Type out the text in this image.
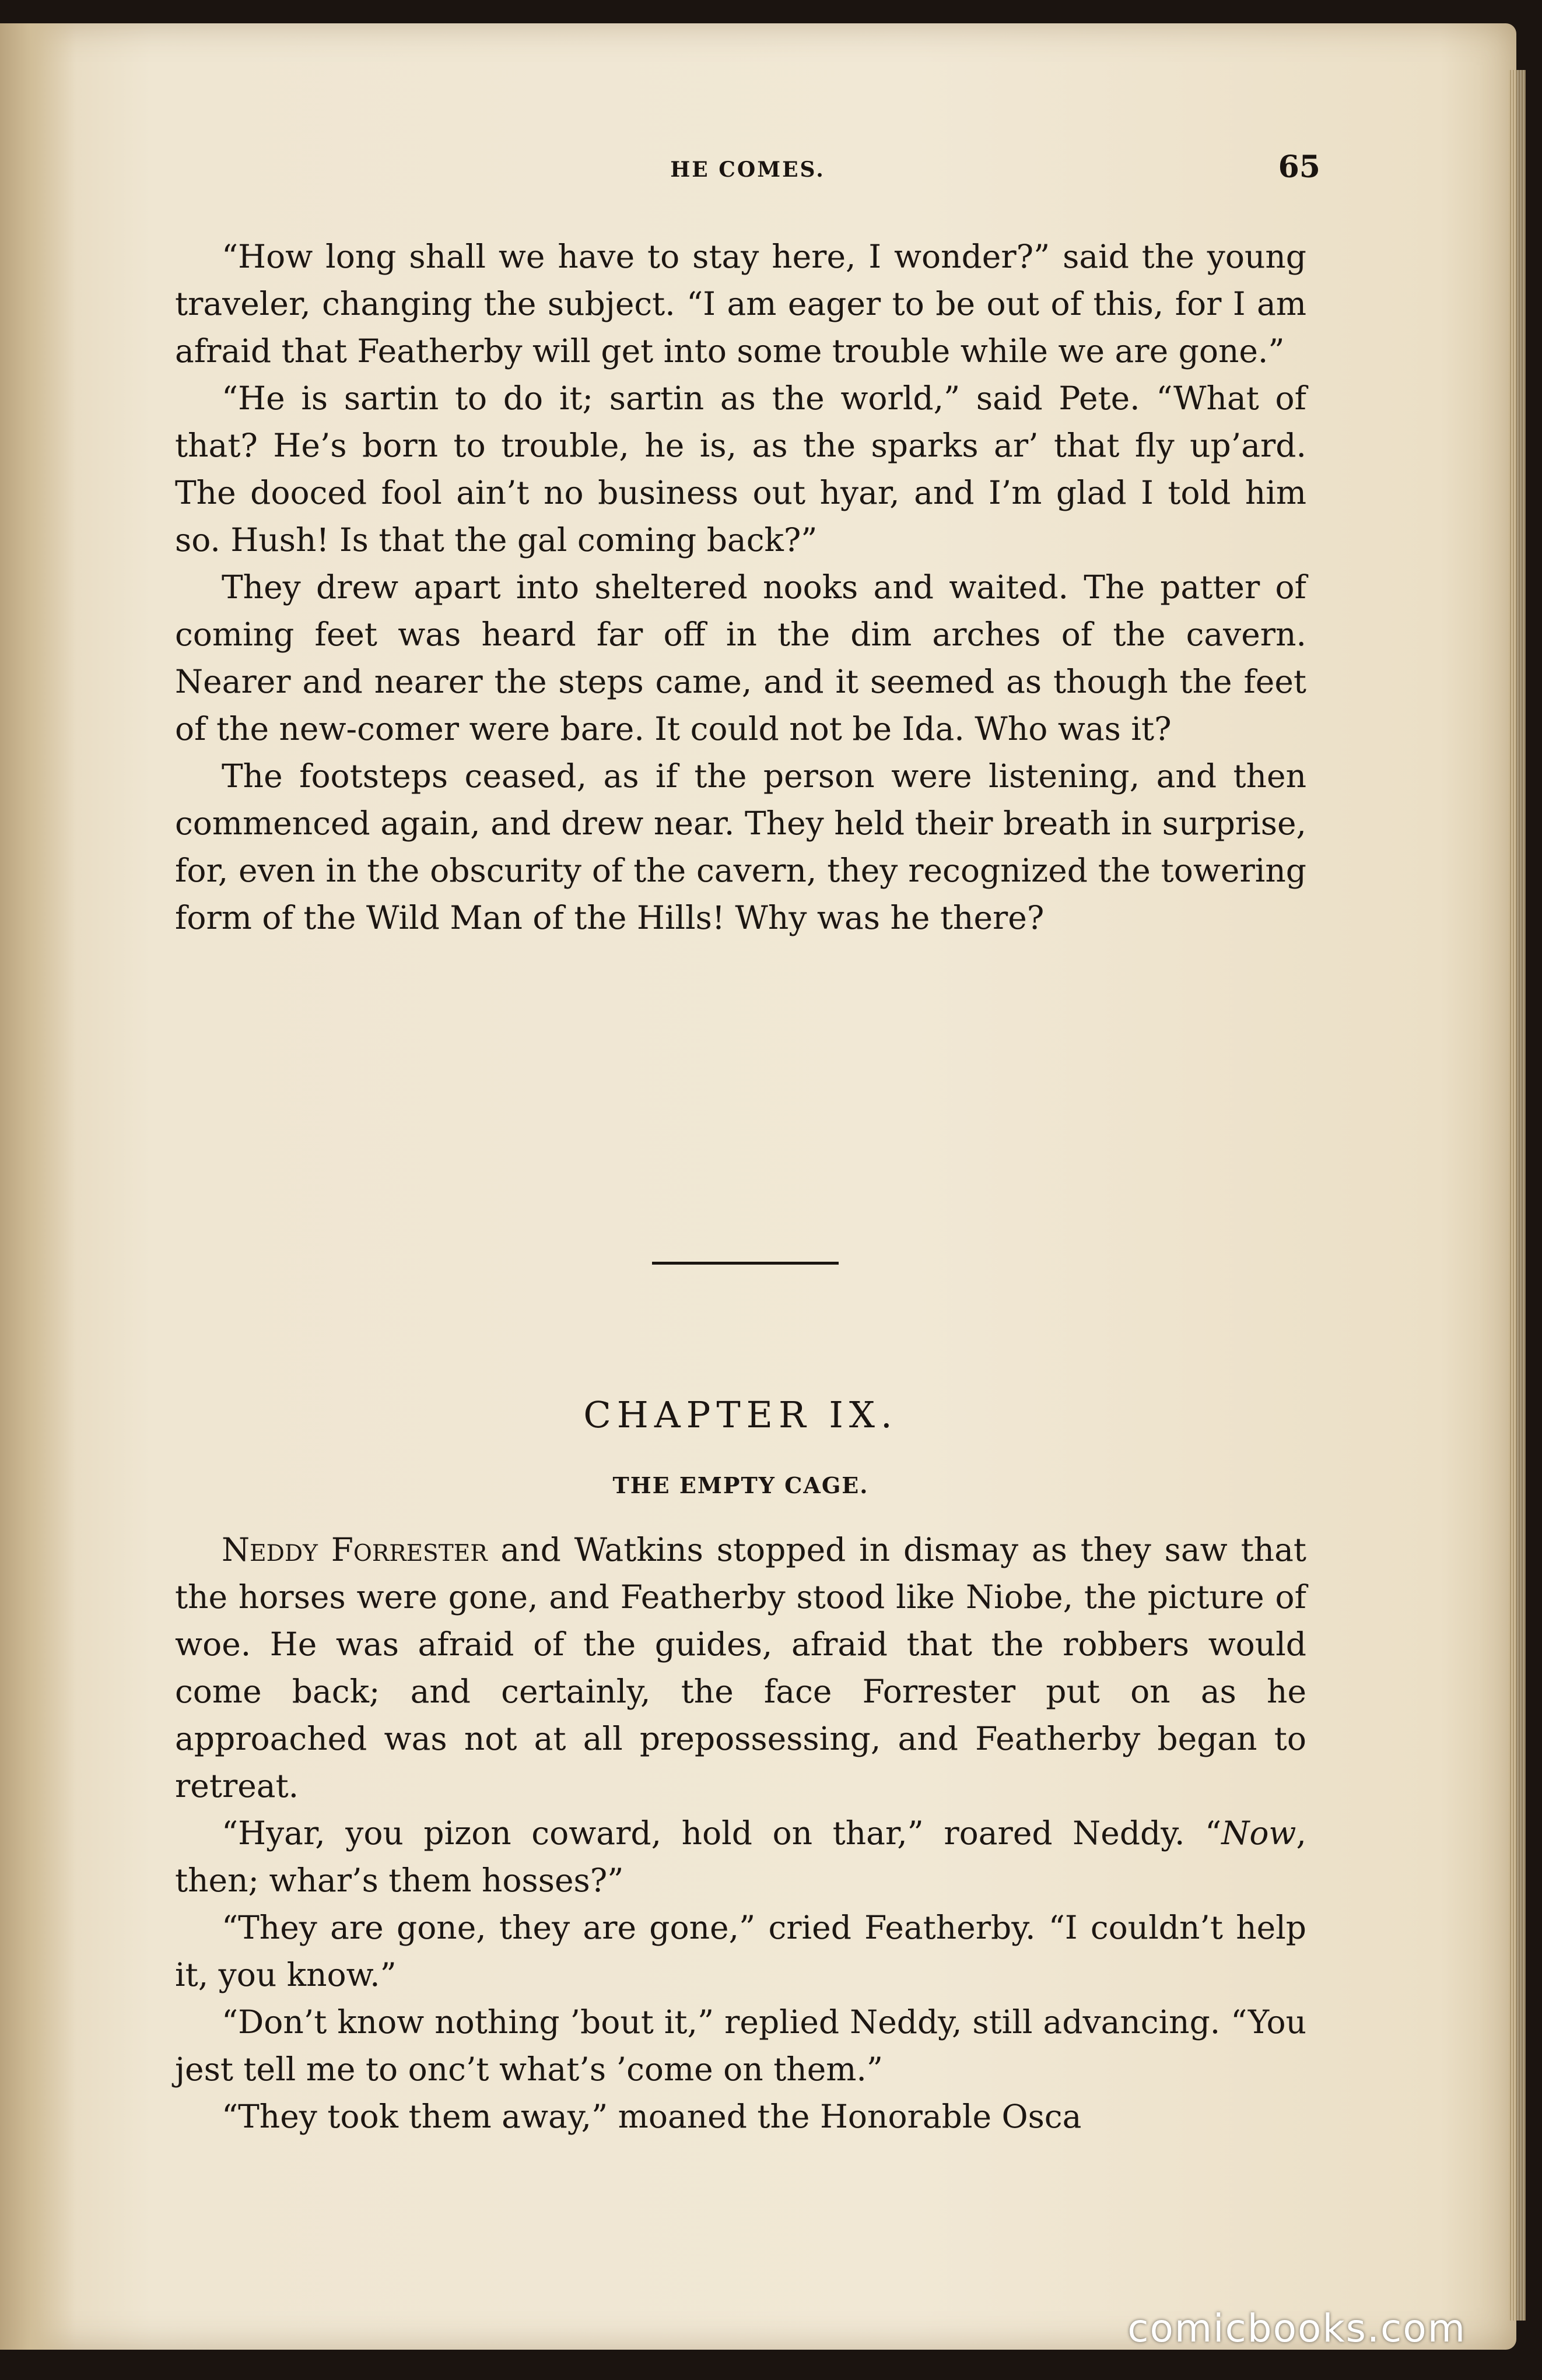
HE COMES.	65

“How long shall we have to stay here, I wonder?” said the young traveler, changing the subject. “I am eager to be out of this, for I am afraid that Featherby will get into some trouble while we are gone.”

“He is sartin to do it; sartin as the world,” said Pete. “What of that? He’s born to trouble, he is, as the sparks ar’ that fly up’ard. The dooced fool ain’t no business out hyar, and I’m glad I told him so. Hush! Is that the gal coming back?”

They drew apart into sheltered nooks and waited. The patter of coming feet was heard far off in the dim arches of the cavern. Nearer and nearer the steps came, and it seemed as though the feet of the new-comer were bare. It could not be Ida. Who was it?

The footsteps ceased, as if the person were listening, and then commenced again, and drew near. They held their breath in surprise, for, even in the obscurity of the cavern, they recognized the towering form of the Wild Man of the Hills! Why was he there?

CHAPTER IX.
THE EMPTY CAGE.

Neddy Forrester and Watkins stopped in dismay as they saw that the horses were gone, and Featherby stood like Niobe, the picture of woe. He was afraid of the guides, afraid that the robbers would come back; and certainly, the face Forrester put on as he approached was not at all prepossessing, and Featherby began to retreat.

“Hyar, you pizon coward, hold on thar,” roared Neddy. “Now, then; whar’s them hosses?”

“They are gone, they are gone,” cried Featherby. “I couldn’t help it, you know.”

“Don’t know nothing ’bout it,” replied Neddy, still advancing. “You jest tell me to onc’t what’s ’come on them.”

“They took them away,” moaned the Honorable Osca

comicbooks.com
